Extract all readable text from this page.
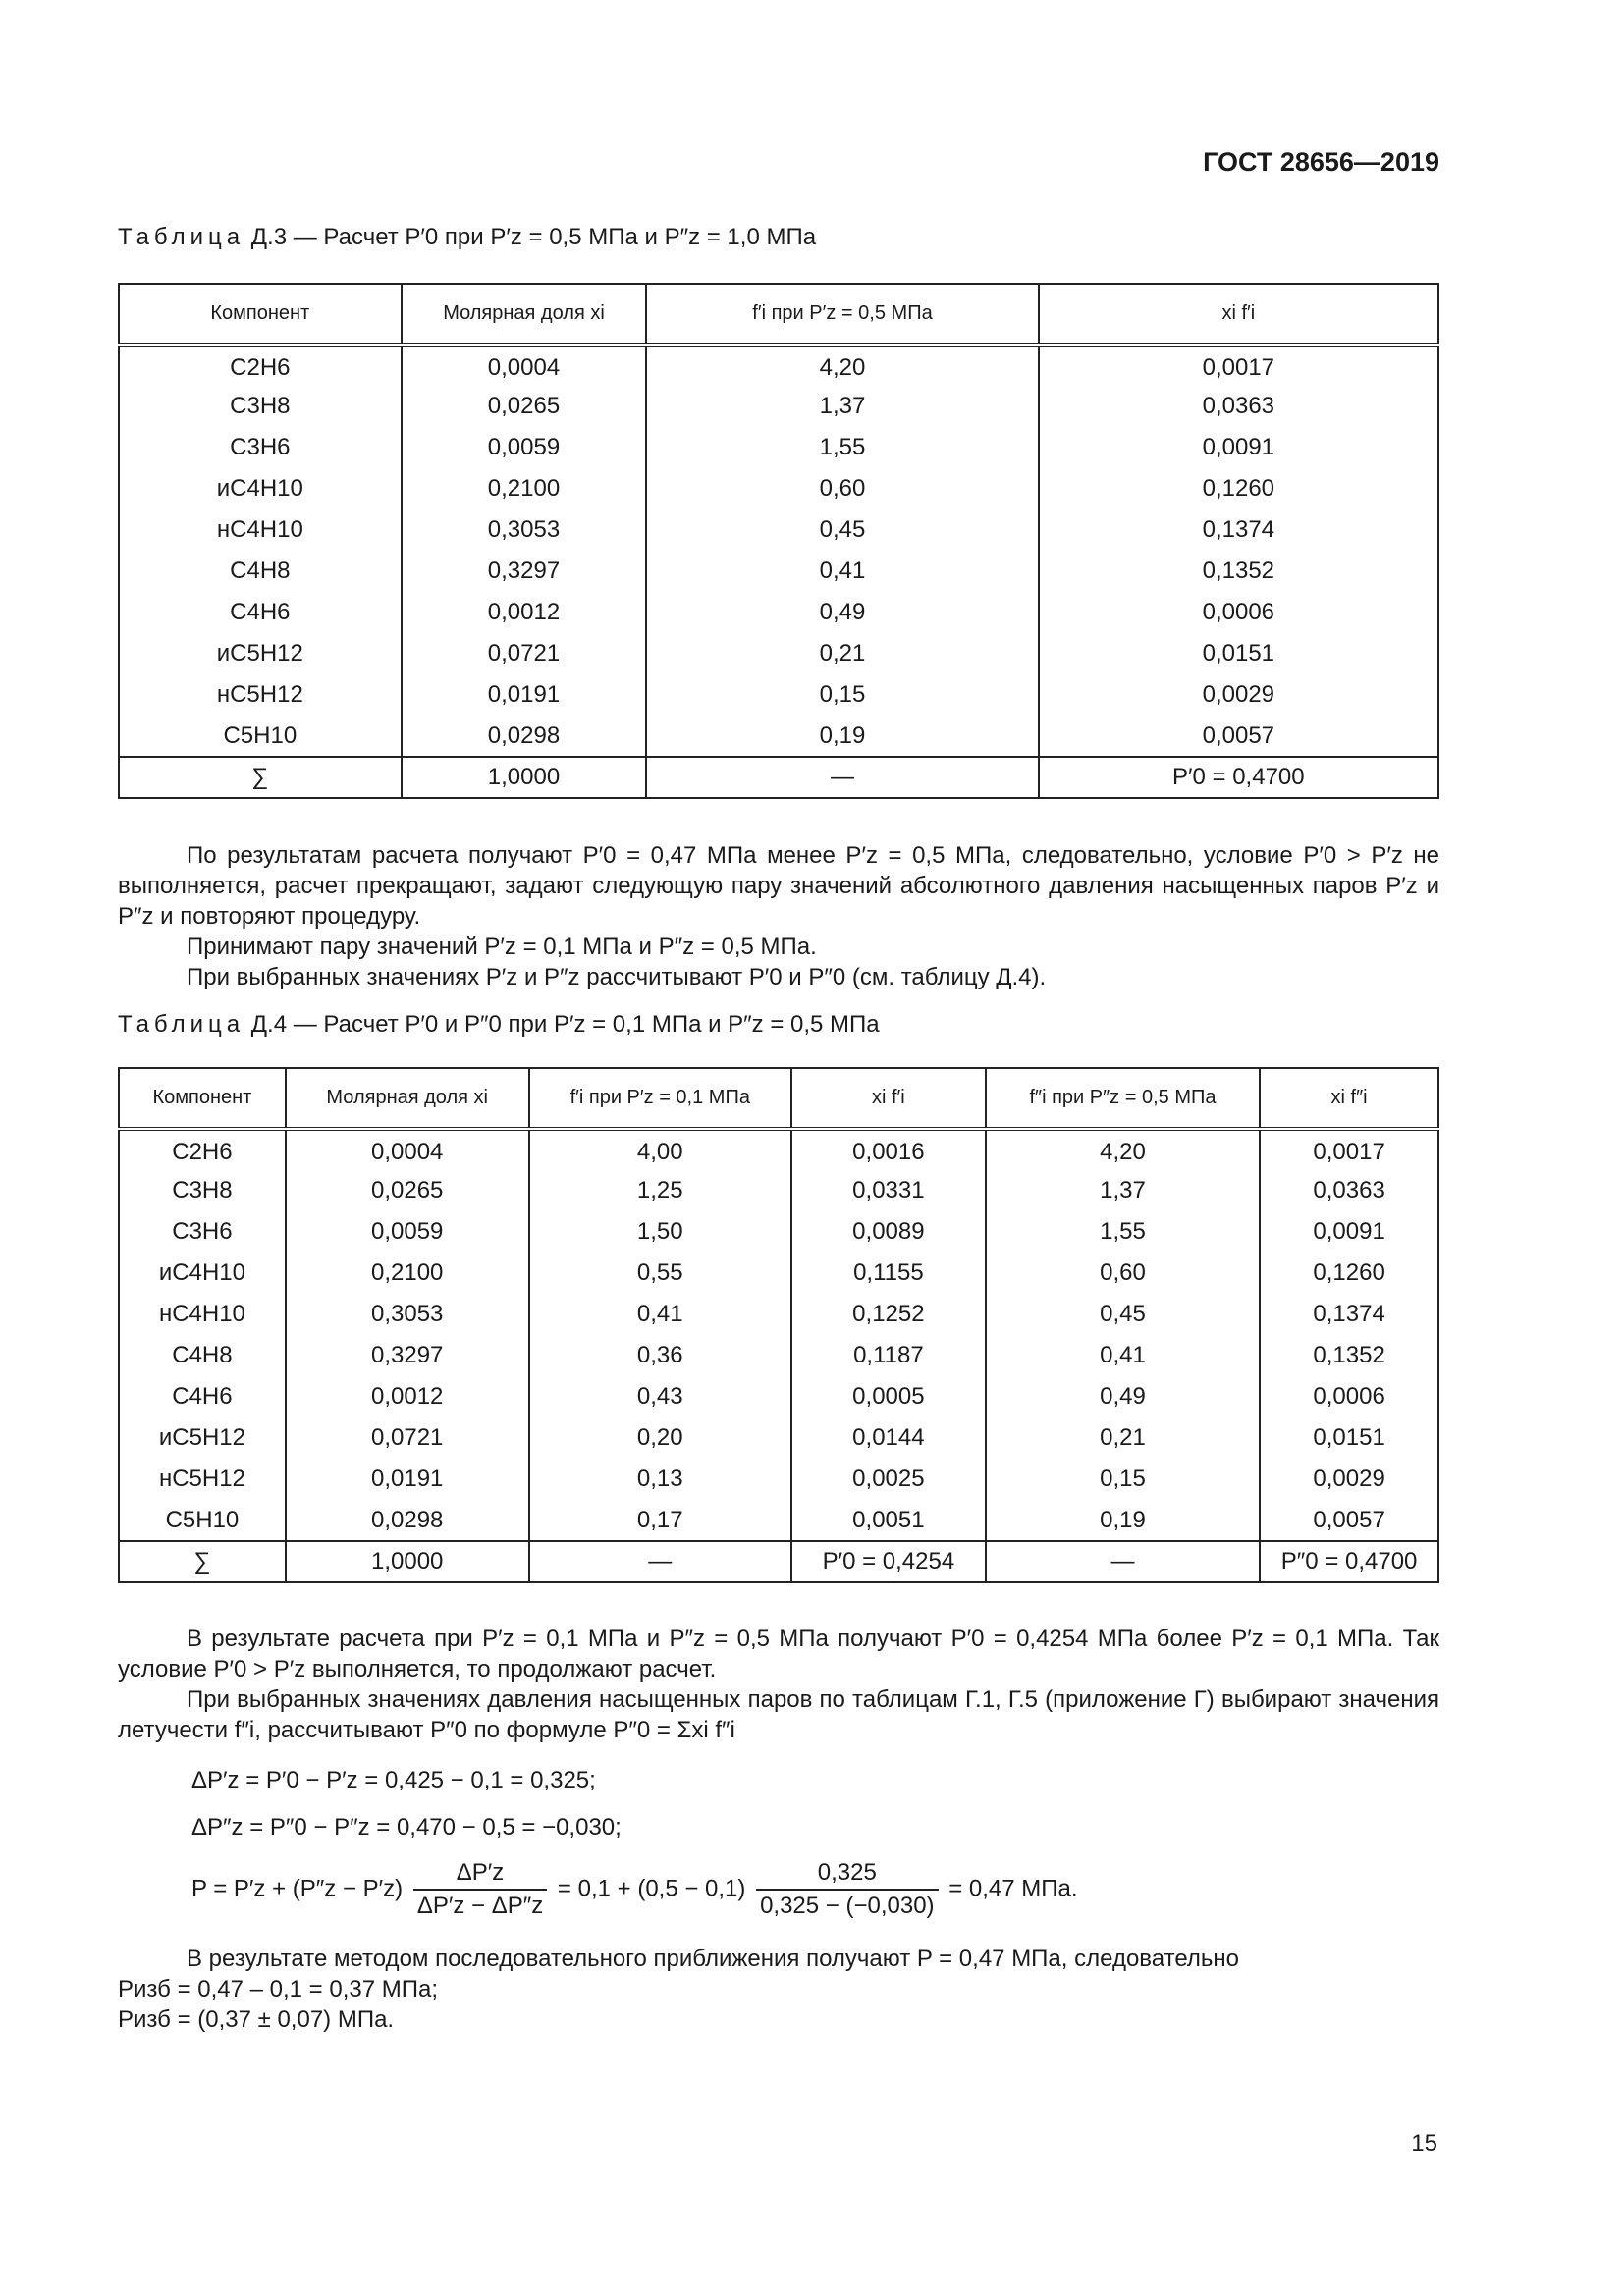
ГОСТ 28656—2019
Таблица Д.3 — Расчет P′0 при P′z = 0,5 МПа и P″z = 1,0 МПа
Компонент	Молярная доля xi	f′i при P′z = 0,5 МПа	xi f′i
C2H6	0,0004	4,20	0,0017
C3H8	0,0265	1,37	0,0363
C3H6	0,0059	1,55	0,0091
иC4H10	0,2100	0,60	0,1260
нC4H10	0,3053	0,45	0,1374
C4H8	0,3297	0,41	0,1352
C4H6	0,0012	0,49	0,0006
иC5H12	0,0721	0,21	0,0151
нC5H12	0,0191	0,15	0,0029
C5H10	0,0298	0,19	0,0057
∑	1,0000	—	P′0 = 0,4700
По результатам расчета получают P′0 = 0,47 МПа менее P′z = 0,5 МПа, следовательно, условие P′0 > P′z не выполняется, расчет прекращают, задают следующую пару значений абсолютного давления насыщенных паров P′z и P″z и повторяют процедуру.
Принимают пару значений P′z = 0,1 МПа и P″z = 0,5 МПа.
При выбранных значениях P′z и P″z рассчитывают P′0 и P″0 (см. таблицу Д.4).
Таблица Д.4 — Расчет P′0 и P″0 при P′z = 0,1 МПа и P″z = 0,5 МПа
Компонент	Молярная доля xi	f′i при P′z = 0,1 МПа	xi f′i	f″i при P″z = 0,5 МПа	xi f″i
C2H6	0,0004	4,00	0,0016	4,20	0,0017
C3H8	0,0265	1,25	0,0331	1,37	0,0363
C3H6	0,0059	1,50	0,0089	1,55	0,0091
иC4H10	0,2100	0,55	0,1155	0,60	0,1260
нC4H10	0,3053	0,41	0,1252	0,45	0,1374
C4H8	0,3297	0,36	0,1187	0,41	0,1352
C4H6	0,0012	0,43	0,0005	0,49	0,0006
иC5H12	0,0721	0,20	0,0144	0,21	0,0151
нC5H12	0,0191	0,13	0,0025	0,15	0,0029
C5H10	0,0298	0,17	0,0051	0,19	0,0057
∑	1,0000	—	P′0 = 0,4254	—	P″0 = 0,4700
В результате расчета при P′z = 0,1 МПа и P″z = 0,5 МПа получают P′0 = 0,4254 МПа более P′z = 0,1 МПа. Так условие P′0 > P′z выполняется, то продолжают расчет.
При выбранных значениях давления насыщенных паров по таблицам Г.1, Г.5 (приложение Г) выбирают значения летучести f″i, рассчитывают P″0 по формуле P″0 = Σxi f″i
ΔP′z = P′0 − P′z = 0,425 − 0,1 = 0,325;
ΔP″z = P″0 − P″z = 0,470 − 0,5 = −0,030;
$P = P'z + (P''z - P'z) \frac{\Delta P'z}{\Delta P'z - \Delta P''z} = 0,1 + (0,5 - 0,1) \frac{0,325}{0,325 - (-0,030)} = 0,47$ МПа.
В результате методом последовательного приближения получают P = 0,47 МПа, следовательно
Pизб = 0,47 – 0,1 = 0,37 МПа;
Pизб = (0,37 ± 0,07) МПа.
15
